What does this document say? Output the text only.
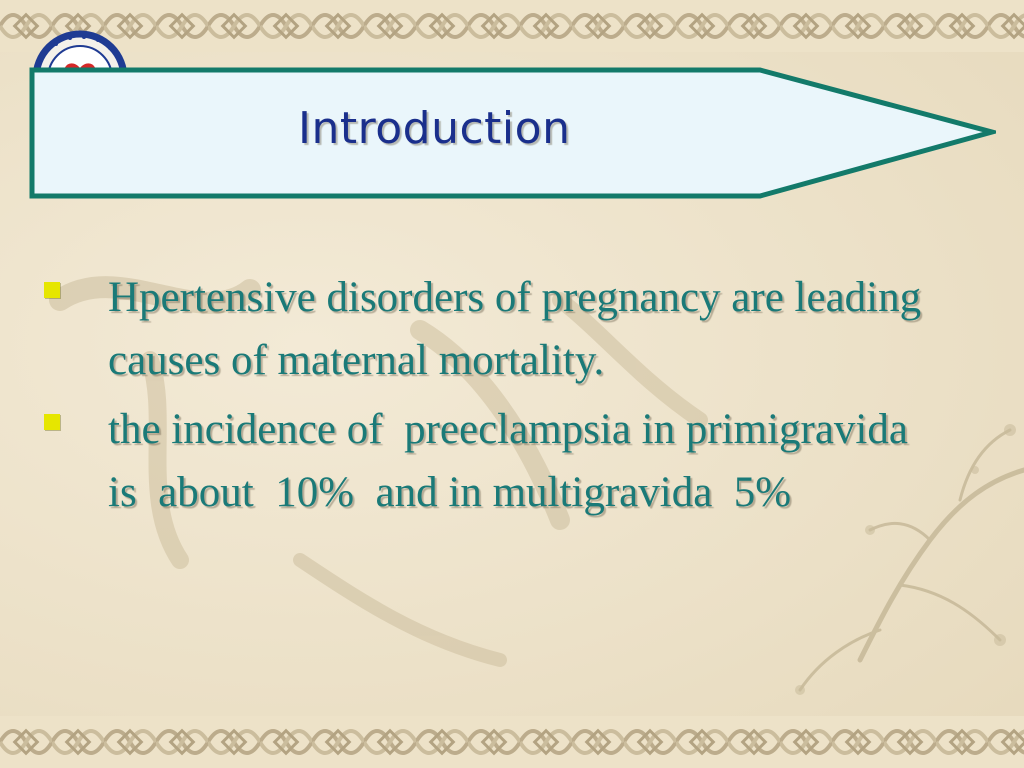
Introduction
Hpertensive disorders of pregnancy are leading causes of maternal mortality.
the incidence of  preeclampsia in primigravida  is  about  10%  and in multigravida  5%
